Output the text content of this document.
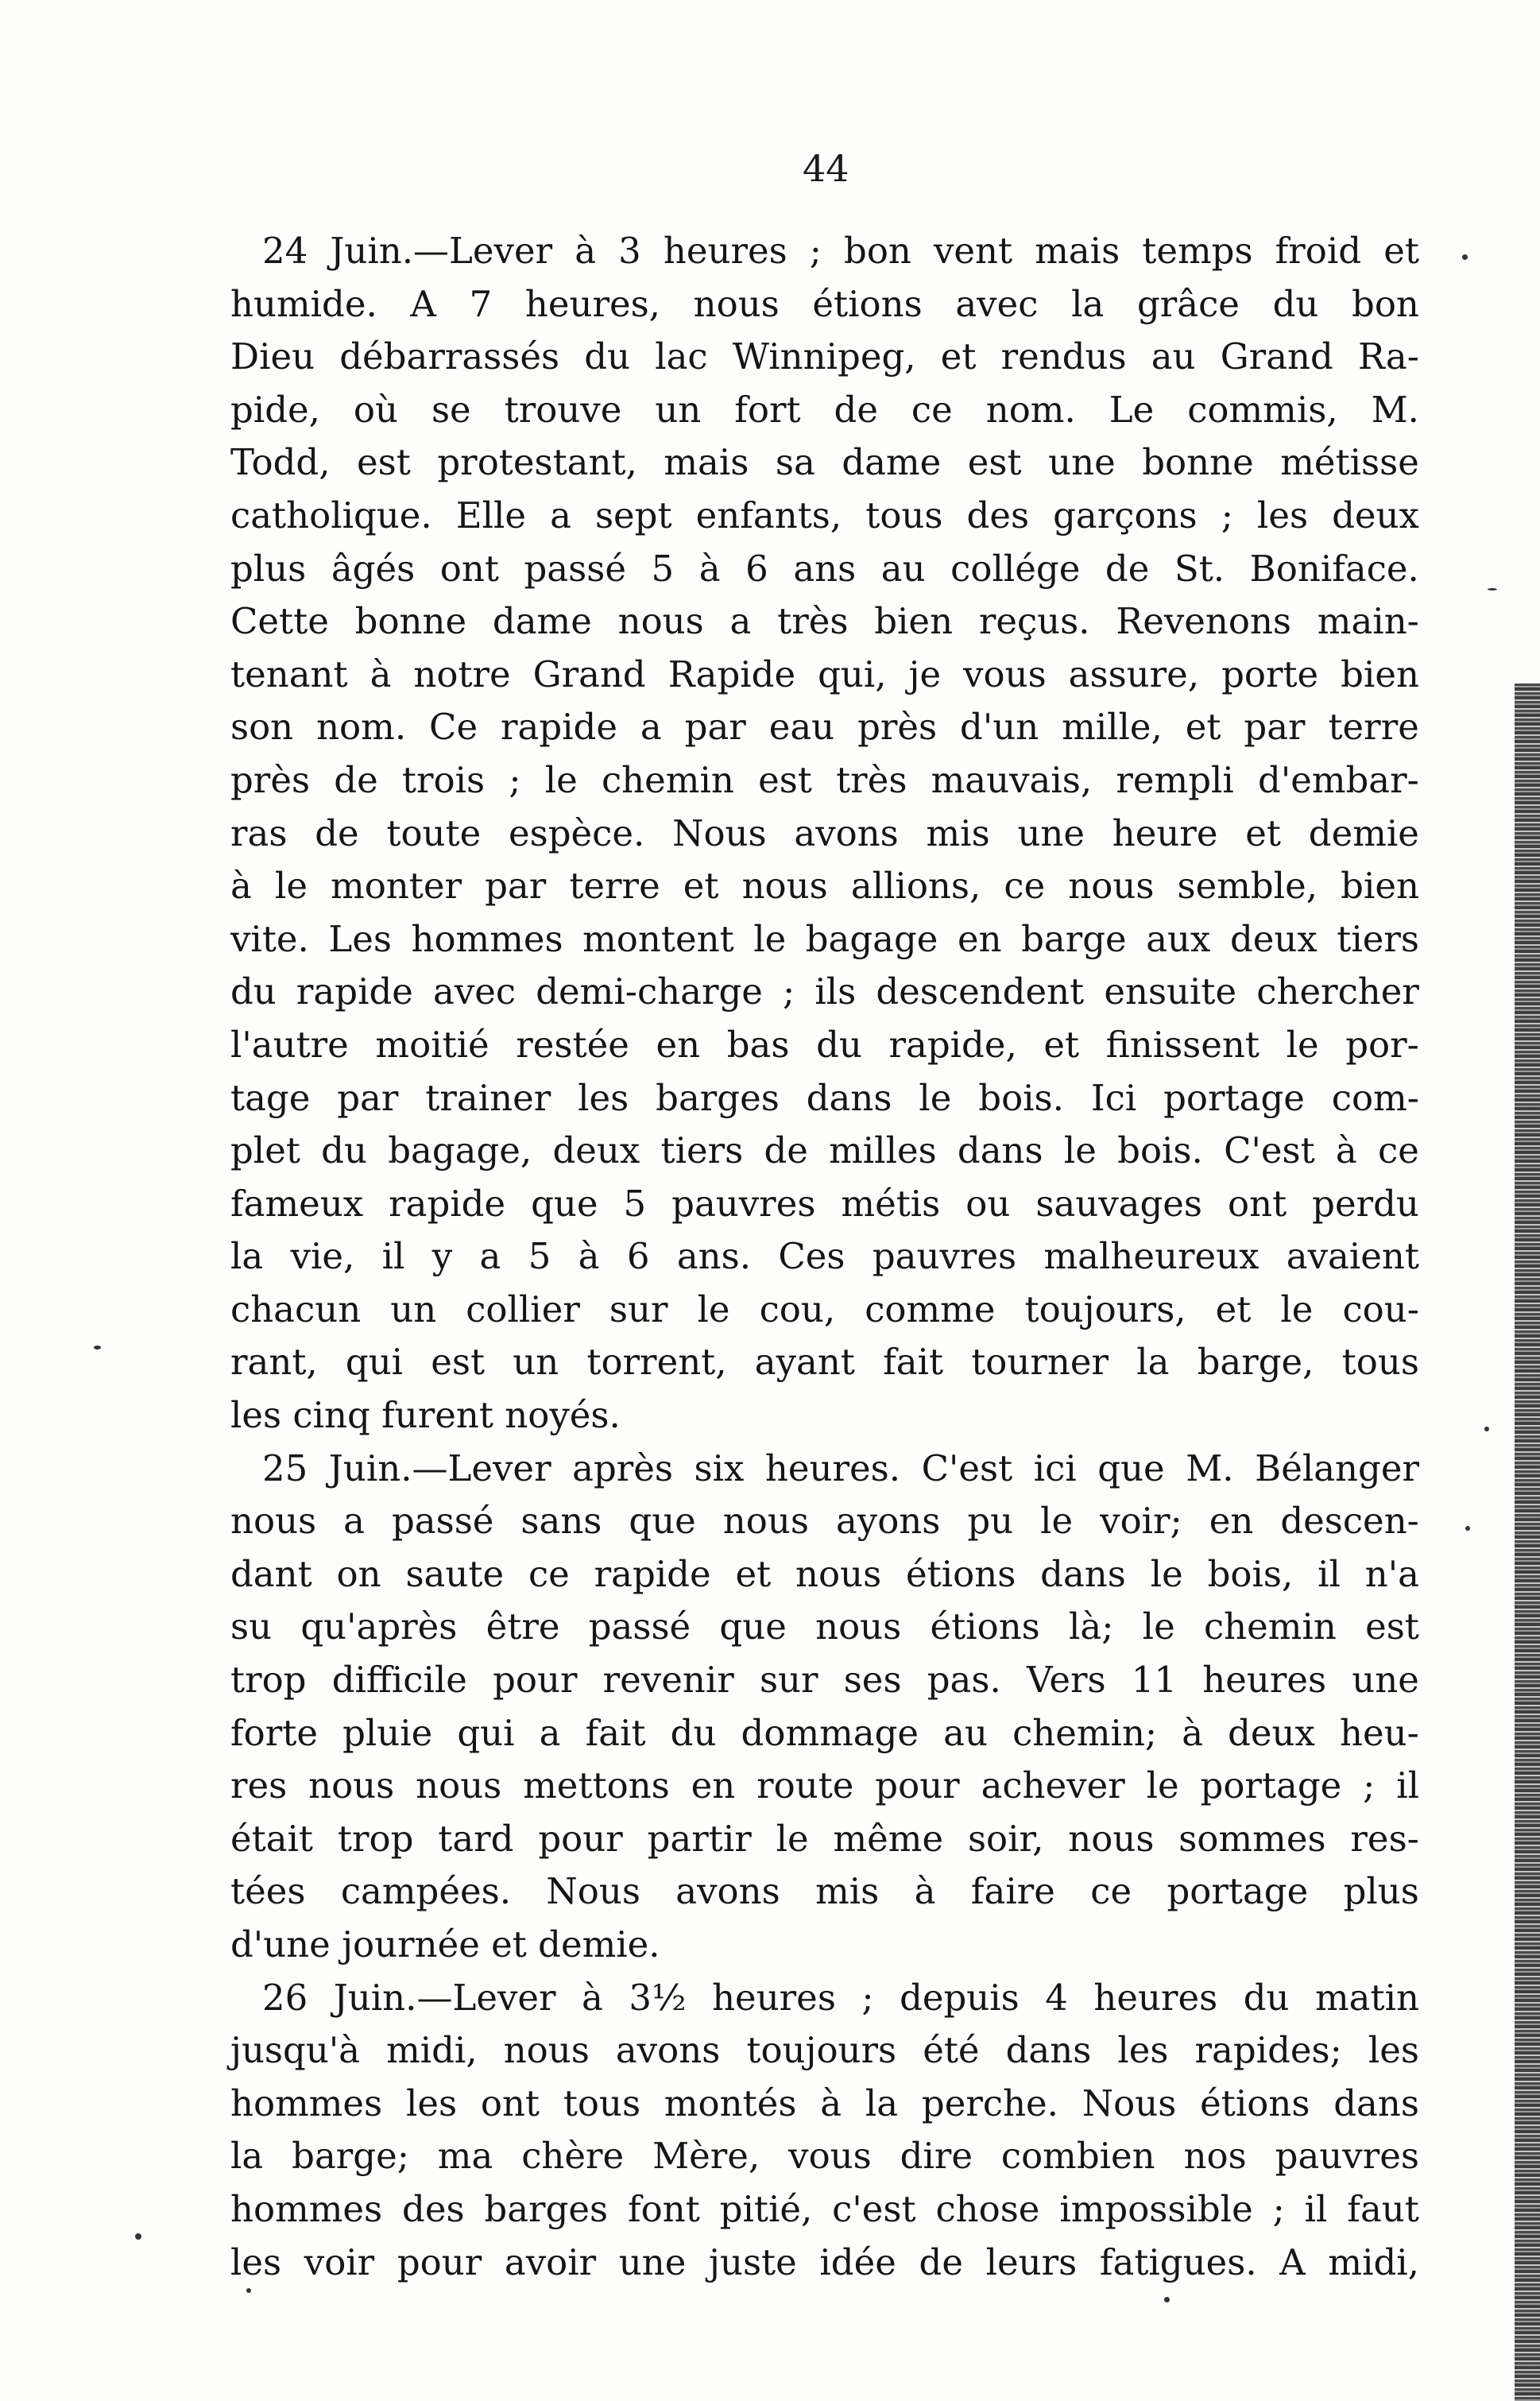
44
24 Juin.—Lever à 3 heures ; bon vent mais temps froid et
humide. A 7 heures, nous étions avec la grâce du bon
Dieu débarrassés du lac Winnipeg, et rendus au Grand Ra-
pide, où se trouve un fort de ce nom. Le commis, M.
Todd, est protestant, mais sa dame est une bonne métisse
catholique. Elle a sept enfants, tous des garçons ; les deux
plus âgés ont passé 5 à 6 ans au collége de St. Boniface.
Cette bonne dame nous a très bien reçus. Revenons main-
tenant à notre Grand Rapide qui, je vous assure, porte bien
son nom. Ce rapide a par eau près d'un mille, et par terre
près de trois ; le chemin est très mauvais, rempli d'embar-
ras de toute espèce. Nous avons mis une heure et demie
à le monter par terre et nous allions, ce nous semble, bien
vite. Les hommes montent le bagage en barge aux deux tiers
du rapide avec demi-charge ; ils descendent ensuite chercher
l'autre moitié restée en bas du rapide, et finissent le por-
tage par trainer les barges dans le bois. Ici portage com-
plet du bagage, deux tiers de milles dans le bois. C'est à ce
fameux rapide que 5 pauvres métis ou sauvages ont perdu
la vie, il y a 5 à 6 ans. Ces pauvres malheureux avaient
chacun un collier sur le cou, comme toujours, et le cou-
rant, qui est un torrent, ayant fait tourner la barge, tous
les cinq furent noyés.
25 Juin.—Lever après six heures. C'est ici que M. Bélanger
nous a passé sans que nous ayons pu le voir; en descen-
dant on saute ce rapide et nous étions dans le bois, il n'a
su qu'après être passé que nous étions là; le chemin est
trop difficile pour revenir sur ses pas. Vers 11 heures une
forte pluie qui a fait du dommage au chemin; à deux heu-
res nous nous mettons en route pour achever le portage ; il
était trop tard pour partir le même soir, nous sommes res-
tées campées. Nous avons mis à faire ce portage plus
d'une journée et demie.
26 Juin.—Lever à 3½ heures ; depuis 4 heures du matin
jusqu'à midi, nous avons toujours été dans les rapides; les
hommes les ont tous montés à la perche. Nous étions dans
la barge; ma chère Mère, vous dire combien nos pauvres
hommes des barges font pitié, c'est chose impossible ; il faut
les voir pour avoir une juste idée de leurs fatigues. A midi,
